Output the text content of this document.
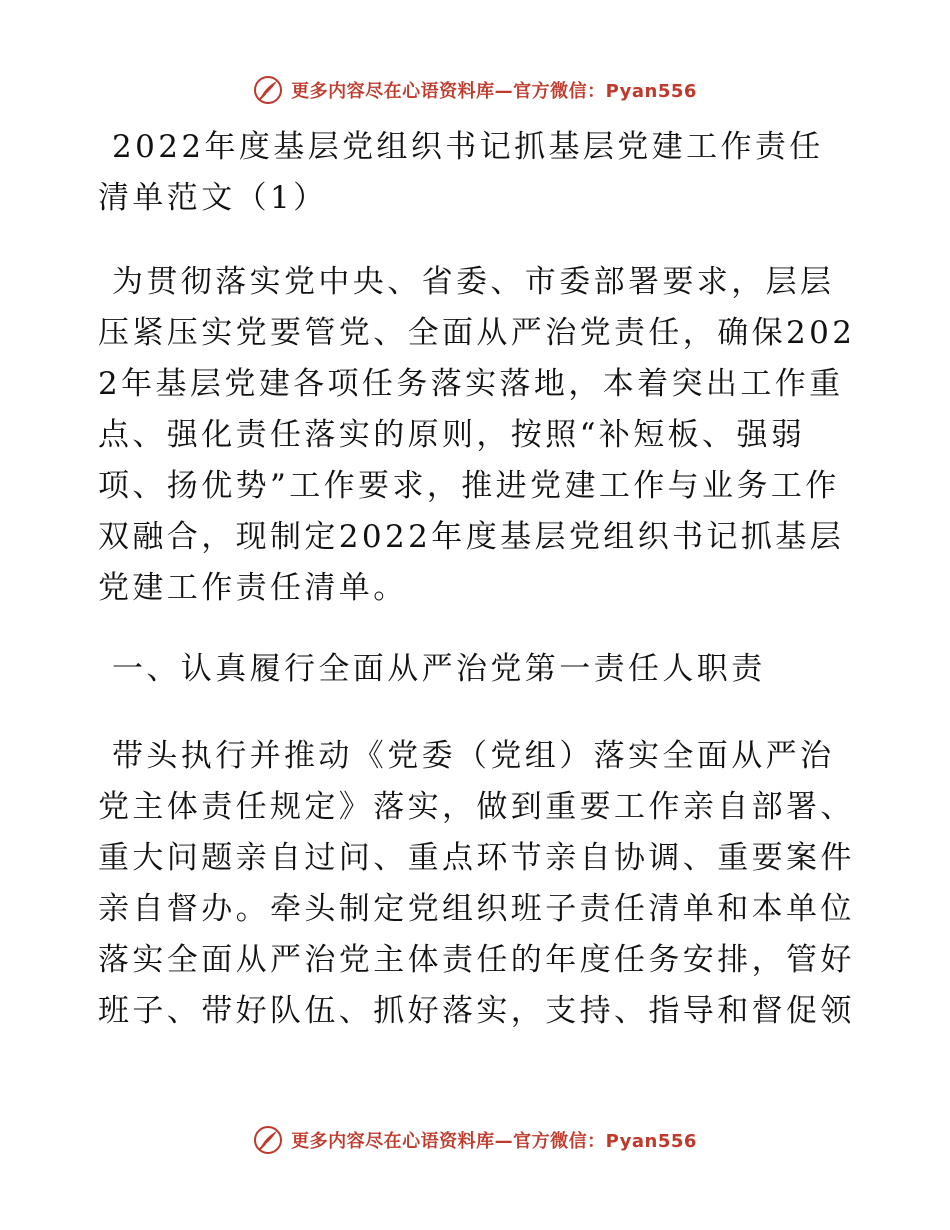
更多内容尽在心语资料库—官方微信：Pyan556

2022年度基层党组织书记抓基层党建工作责任清单范文（1）

为贯彻落实党中央、省委、市委部署要求，层层压紧压实党要管党、全面从严治党责任，确保2022年基层党建各项任务落实落地，本着突出工作重点、强化责任落实的原则，按照“补短板、强弱项、扬优势”工作要求，推进党建工作与业务工作双融合，现制定2022年度基层党组织书记抓基层党建工作责任清单。

一、认真履行全面从严治党第一责任人职责

带头执行并推动《党委（党组）落实全面从严治党主体责任规定》落实，做到重要工作亲自部署、重大问题亲自过问、重点环节亲自协调、重要案件亲自督办。牵头制定党组织班子责任清单和本单位落实全面从严治党主体责任的年度任务安排，管好班子、带好队伍、抓好落实，支持、指导和督促领

更多内容尽在心语资料库—官方微信：Pyan556
